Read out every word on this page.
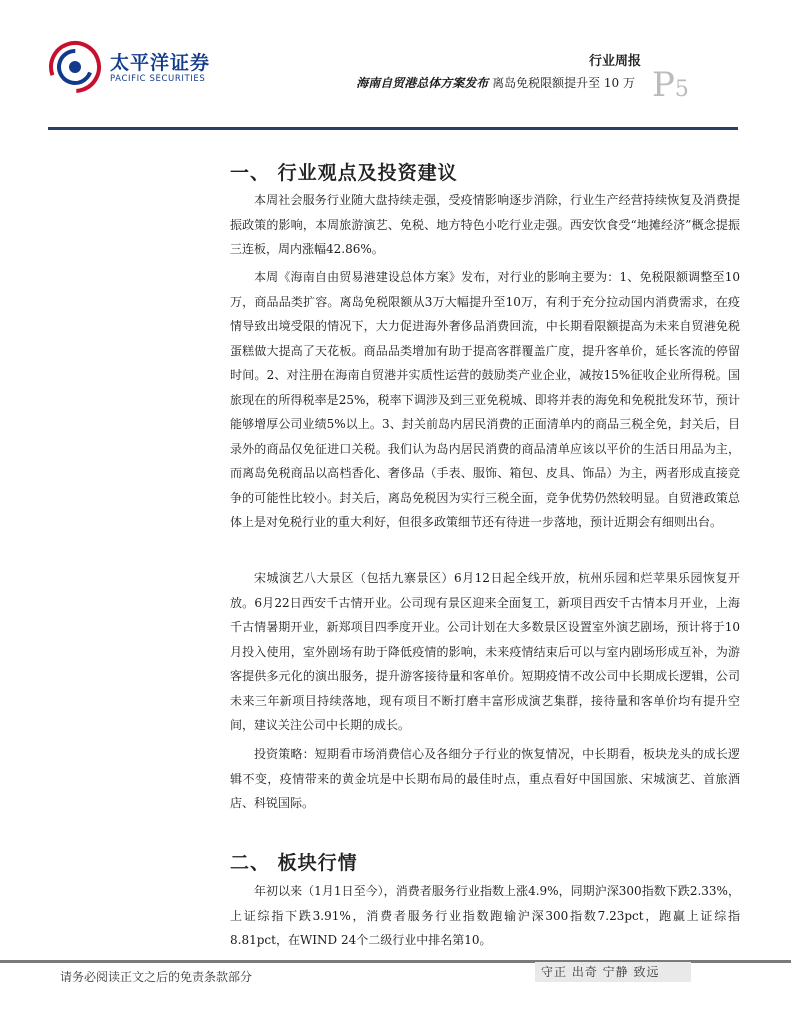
太平洋证券
PACIFIC SECURITIES
行业周报
海南自贸港总体方案发布 离岛免税限额提升至 10 万 P5
一、 行业观点及投资建议

本周社会服务行业随大盘持续走强，受疫情影响逐步消除，行业生产经营持续恢复及消费提振政策的影响，本周旅游演艺、免税、地方特色小吃行业走强。西安饮食受“地摊经济”概念提振三连板，周内涨幅42.86%。

本周《海南自由贸易港建设总体方案》发布，对行业的影响主要为：1、免税限额调整至10万，商品品类扩容。离岛免税限额从3万大幅提升至10万，有利于充分拉动国内消费需求，在疫情导致出境受限的情况下，大力促进海外奢侈品消费回流，中长期看限额提高为未来自贸港免税蛋糕做大提高了天花板。商品品类增加有助于提高客群覆盖广度，提升客单价，延长客流的停留时间。2、对注册在海南自贸港并实质性运营的鼓励类产业企业，减按15%征收企业所得税。国旅现在的所得税率是25%，税率下调涉及到三亚免税城、即将并表的海免和免税批发环节，预计能够增厚公司业绩5%以上。3、封关前岛内居民消费的正面清单内的商品三税全免，封关后，目录外的商品仅免征进口关税。我们认为岛内居民消费的商品清单应该以平价的生活日用品为主，而离岛免税商品以高档香化、奢侈品（手表、服饰、箱包、皮具、饰品）为主，两者形成直接竞争的可能性比较小。封关后，离岛免税因为实行三税全面，竞争优势仍然较明显。自贸港政策总体上是对免税行业的重大利好，但很多政策细节还有待进一步落地，预计近期会有细则出台。

宋城演艺八大景区（包括九寨景区）6月12日起全线开放，杭州乐园和烂苹果乐园恢复开放。6月22日西安千古情开业。公司现有景区迎来全面复工，新项目西安千古情本月开业，上海千古情暑期开业，新郑项目四季度开业。公司计划在大多数景区设置室外演艺剧场，预计将于10月投入使用，室外剧场有助于降低疫情的影响，未来疫情结束后可以与室内剧场形成互补，为游客提供多元化的演出服务，提升游客接待量和客单价。短期疫情不改公司中长期成长逻辑，公司未来三年新项目持续落地，现有项目不断打磨丰富形成演艺集群，接待量和客单价均有提升空间，建议关注公司中长期的成长。

投资策略：短期看市场消费信心及各细分子行业的恢复情况，中长期看，板块龙头的成长逻辑不变，疫情带来的黄金坑是中长期布局的最佳时点，重点看好中国国旅、宋城演艺、首旅酒店、科锐国际。

二、 板块行情

年初以来（1月1日至今），消费者服务行业指数上涨4.9%，同期沪深300指数下跌2.33%，上证综指下跌3.91%，消费者服务行业指数跑输沪深300指数7.23pct，跑赢上证综指8.81pct，在WIND 24个二级行业中排名第10。

请务必阅读正文之后的免责条款部分	守正 出奇 宁静 致远
